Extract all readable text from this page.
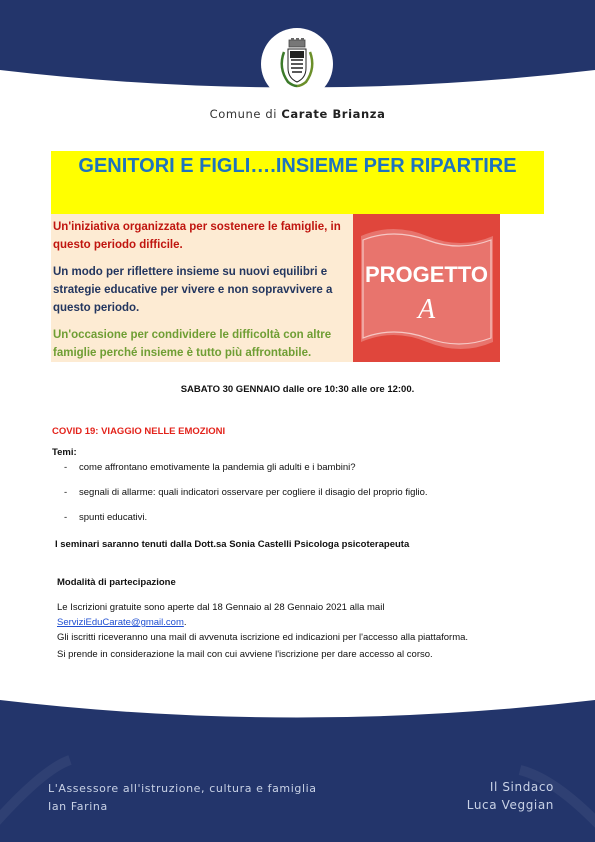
Comune di Carate Brianza
GENITORI E FIGLI….INSIEME PER RIPARTIRE
Un'iniziativa organizzata per sostenere le famiglie, in questo periodo difficile.
Un modo per riflettere insieme su nuovi equilibri e strategie educative per vivere e non sopravvivere a questo periodo.
Un'occasione per condividere le difficoltà con altre famiglie perché insieme è tutto più affrontabile.
PROGETTO
A
SABATO 30 GENNAIO dalle ore 10:30 alle ore 12:00.
COVID 19: VIAGGIO NELLE EMOZIONI
Temi:
- come affrontano emotivamente la pandemia gli adulti e i bambini?
- segnali di allarme: quali indicatori osservare per cogliere il disagio del proprio figlio.
- spunti educativi.
I seminari saranno tenuti dalla Dott.sa Sonia Castelli Psicologa psicoterapeuta
Modalità di partecipazione
Le Iscrizioni gratuite sono aperte dal 18 Gennaio al 28 Gennaio 2021 alla mail
ServiziEduCarate@gmail.com.
Gli iscritti riceveranno una mail di avvenuta iscrizione ed indicazioni per l'accesso alla piattaforma.
Si prende in considerazione la mail con cui avviene l'iscrizione per dare accesso al corso.
L'Assessore all'istruzione, cultura e famiglia
Ian Farina
Il Sindaco
Luca Veggian
